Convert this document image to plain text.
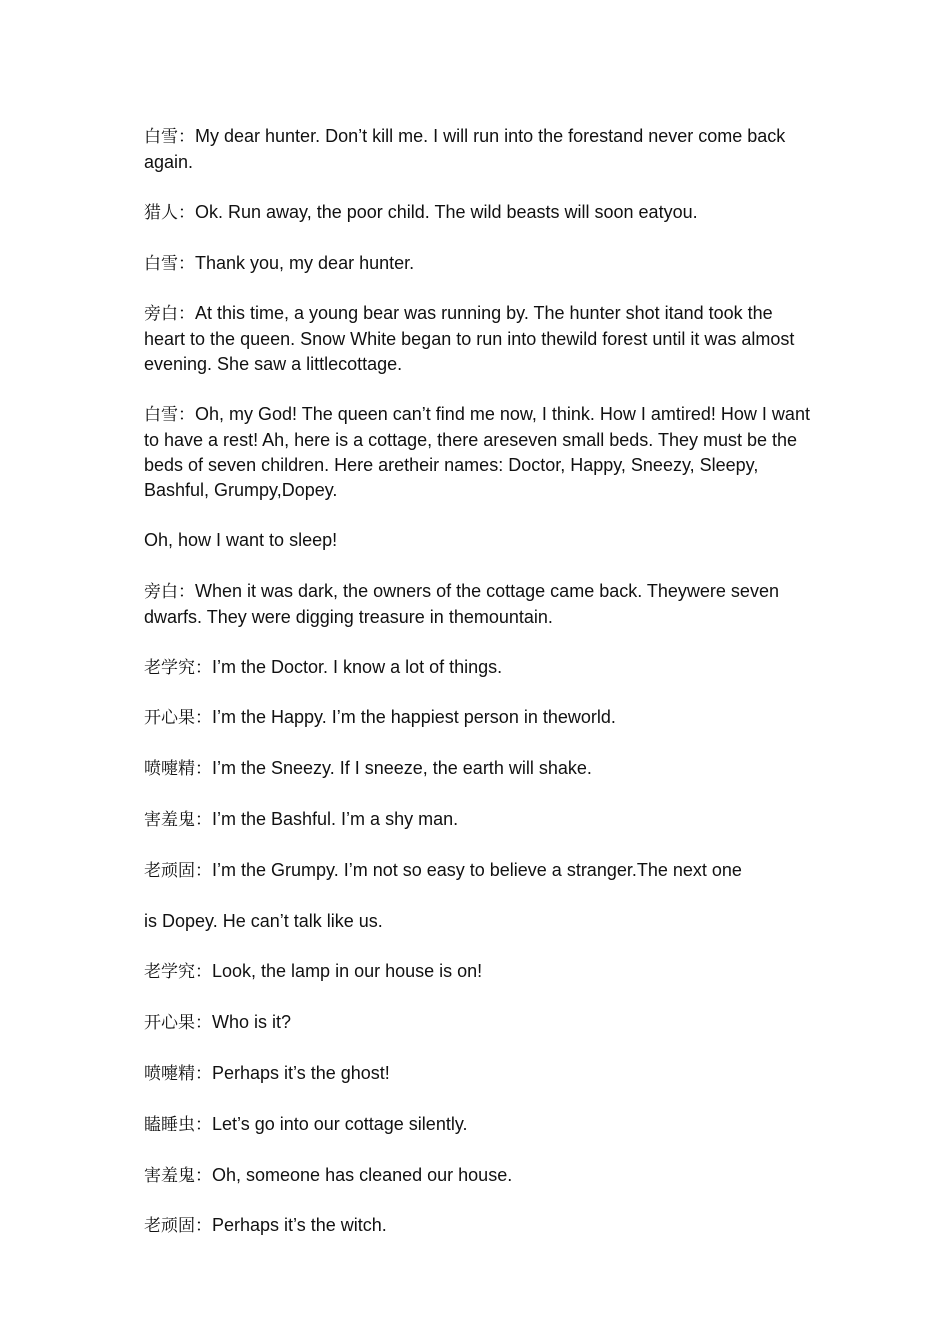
白雪：My dear hunter. Don’t kill me. I will run into the forestand never come back again.

猎人：Ok. Run away, the poor child. The wild beasts will soon eatyou.

白雪：Thank you, my dear hunter.

旁白：At this time, a young bear was running by. The hunter shot itand took the heart to the queen. Snow White began to run into thewild forest until it was almost evening. She saw a littlecottage.

白雪：Oh, my God! The queen can’t find me now, I think. How I amtired! How I want to have a rest! Ah, here is a cottage, there areseven small beds. They must be the beds of seven children. Here aretheir names: Doctor, Happy, Sneezy, Sleepy, Bashful, Grumpy,Dopey.

Oh, how I want to sleep!

旁白：When it was dark, the owners of the cottage came back. Theywere seven dwarfs. They were digging treasure in themountain.

老学究：I’m the Doctor. I know a lot of things.

开心果：I’m the Happy. I’m the happiest person in theworld.

喷嚏精：I’m the Sneezy. If I sneeze, the earth will shake.

害羞鬼：I’m the Bashful. I’m a shy man.

老顽固：I’m the Grumpy. I’m not so easy to believe a stranger.The next one

is Dopey. He can’t talk like us.

老学究：Look, the lamp in our house is on!

开心果：Who is it?

喷嚏精：Perhaps it’s the ghost!

瞌睡虫：Let’s go into our cottage silently.

害羞鬼：Oh, someone has cleaned our house.

老顽固：Perhaps it’s the witch.
